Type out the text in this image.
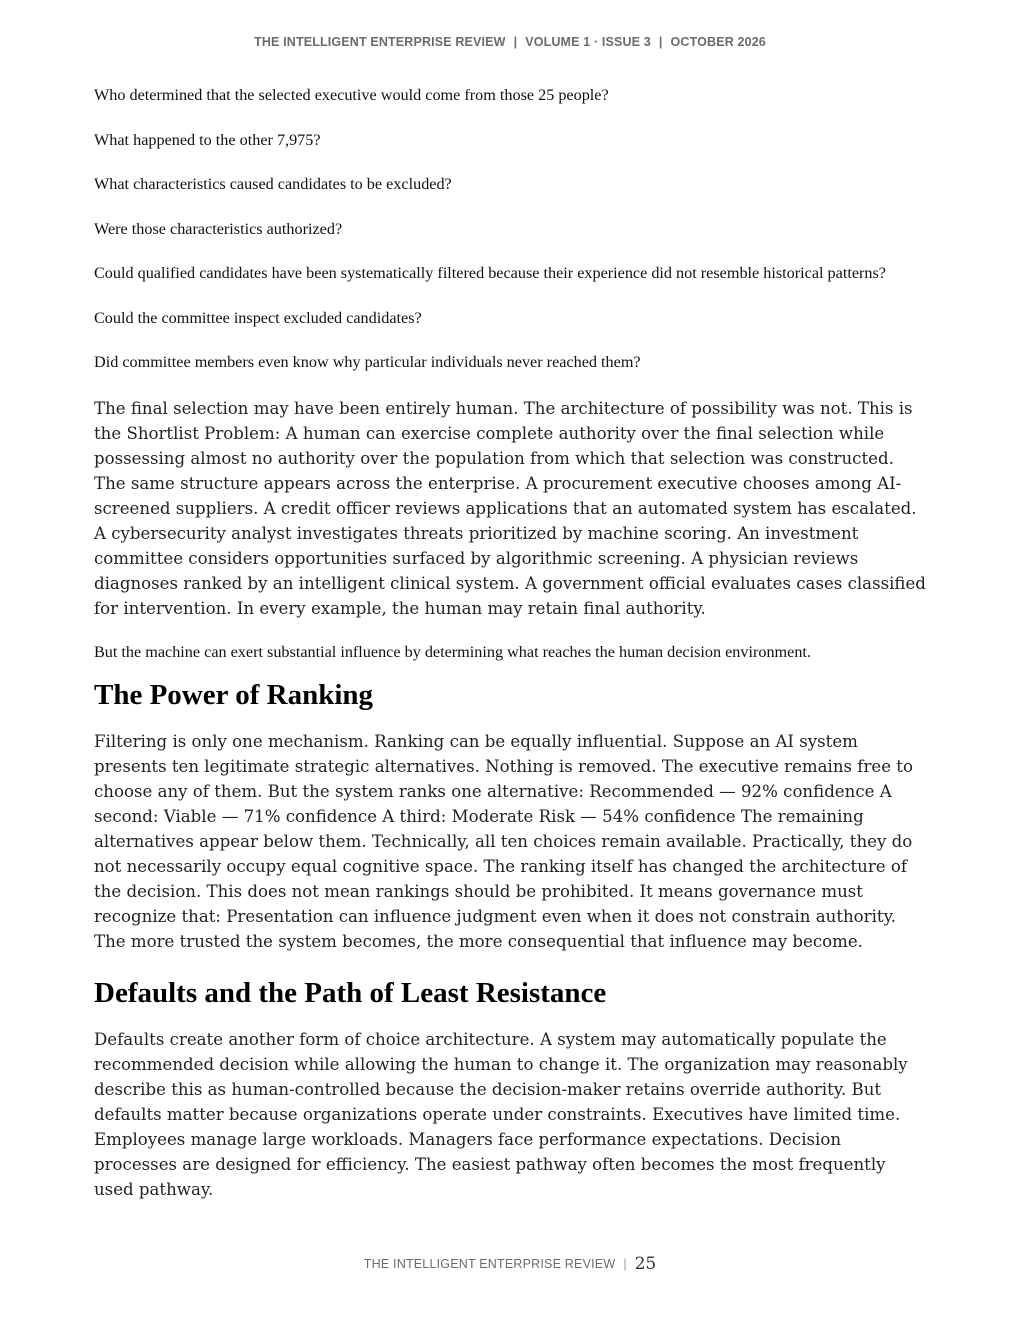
THE INTELLIGENT ENTERPRISE REVIEW | VOLUME 1 · ISSUE 3 | OCTOBER 2026

Who determined that the selected executive would come from those 25 people?

What happened to the other 7,975?

What characteristics caused candidates to be excluded?

Were those characteristics authorized?

Could qualified candidates have been systematically filtered because their experience did not resemble historical patterns?

Could the committee inspect excluded candidates?

Did committee members even know why particular individuals never reached them?

The final selection may have been entirely human. The architecture of possibility was not. This is the Shortlist Problem: A human can exercise complete authority over the final selection while possessing almost no authority over the population from which that selection was constructed. The same structure appears across the enterprise. A procurement executive chooses among AI-screened suppliers. A credit officer reviews applications that an automated system has escalated. A cybersecurity analyst investigates threats prioritized by machine scoring. An investment committee considers opportunities surfaced by algorithmic screening. A physician reviews diagnoses ranked by an intelligent clinical system. A government official evaluates cases classified for intervention. In every example, the human may retain final authority.

But the machine can exert substantial influence by determining what reaches the human decision environment.

The Power of Ranking

Filtering is only one mechanism. Ranking can be equally influential. Suppose an AI system presents ten legitimate strategic alternatives. Nothing is removed. The executive remains free to choose any of them. But the system ranks one alternative: Recommended — 92% confidence A second: Viable — 71% confidence A third: Moderate Risk — 54% confidence The remaining alternatives appear below them. Technically, all ten choices remain available. Practically, they do not necessarily occupy equal cognitive space. The ranking itself has changed the architecture of the decision. This does not mean rankings should be prohibited. It means governance must recognize that: Presentation can influence judgment even when it does not constrain authority. The more trusted the system becomes, the more consequential that influence may become.

Defaults and the Path of Least Resistance

Defaults create another form of choice architecture. A system may automatically populate the recommended decision while allowing the human to change it. The organization may reasonably describe this as human-controlled because the decision-maker retains override authority. But defaults matter because organizations operate under constraints. Executives have limited time. Employees manage large workloads. Managers face performance expectations. Decision processes are designed for efficiency. The easiest pathway often becomes the most frequently used pathway.

THE INTELLIGENT ENTERPRISE REVIEW | 25
